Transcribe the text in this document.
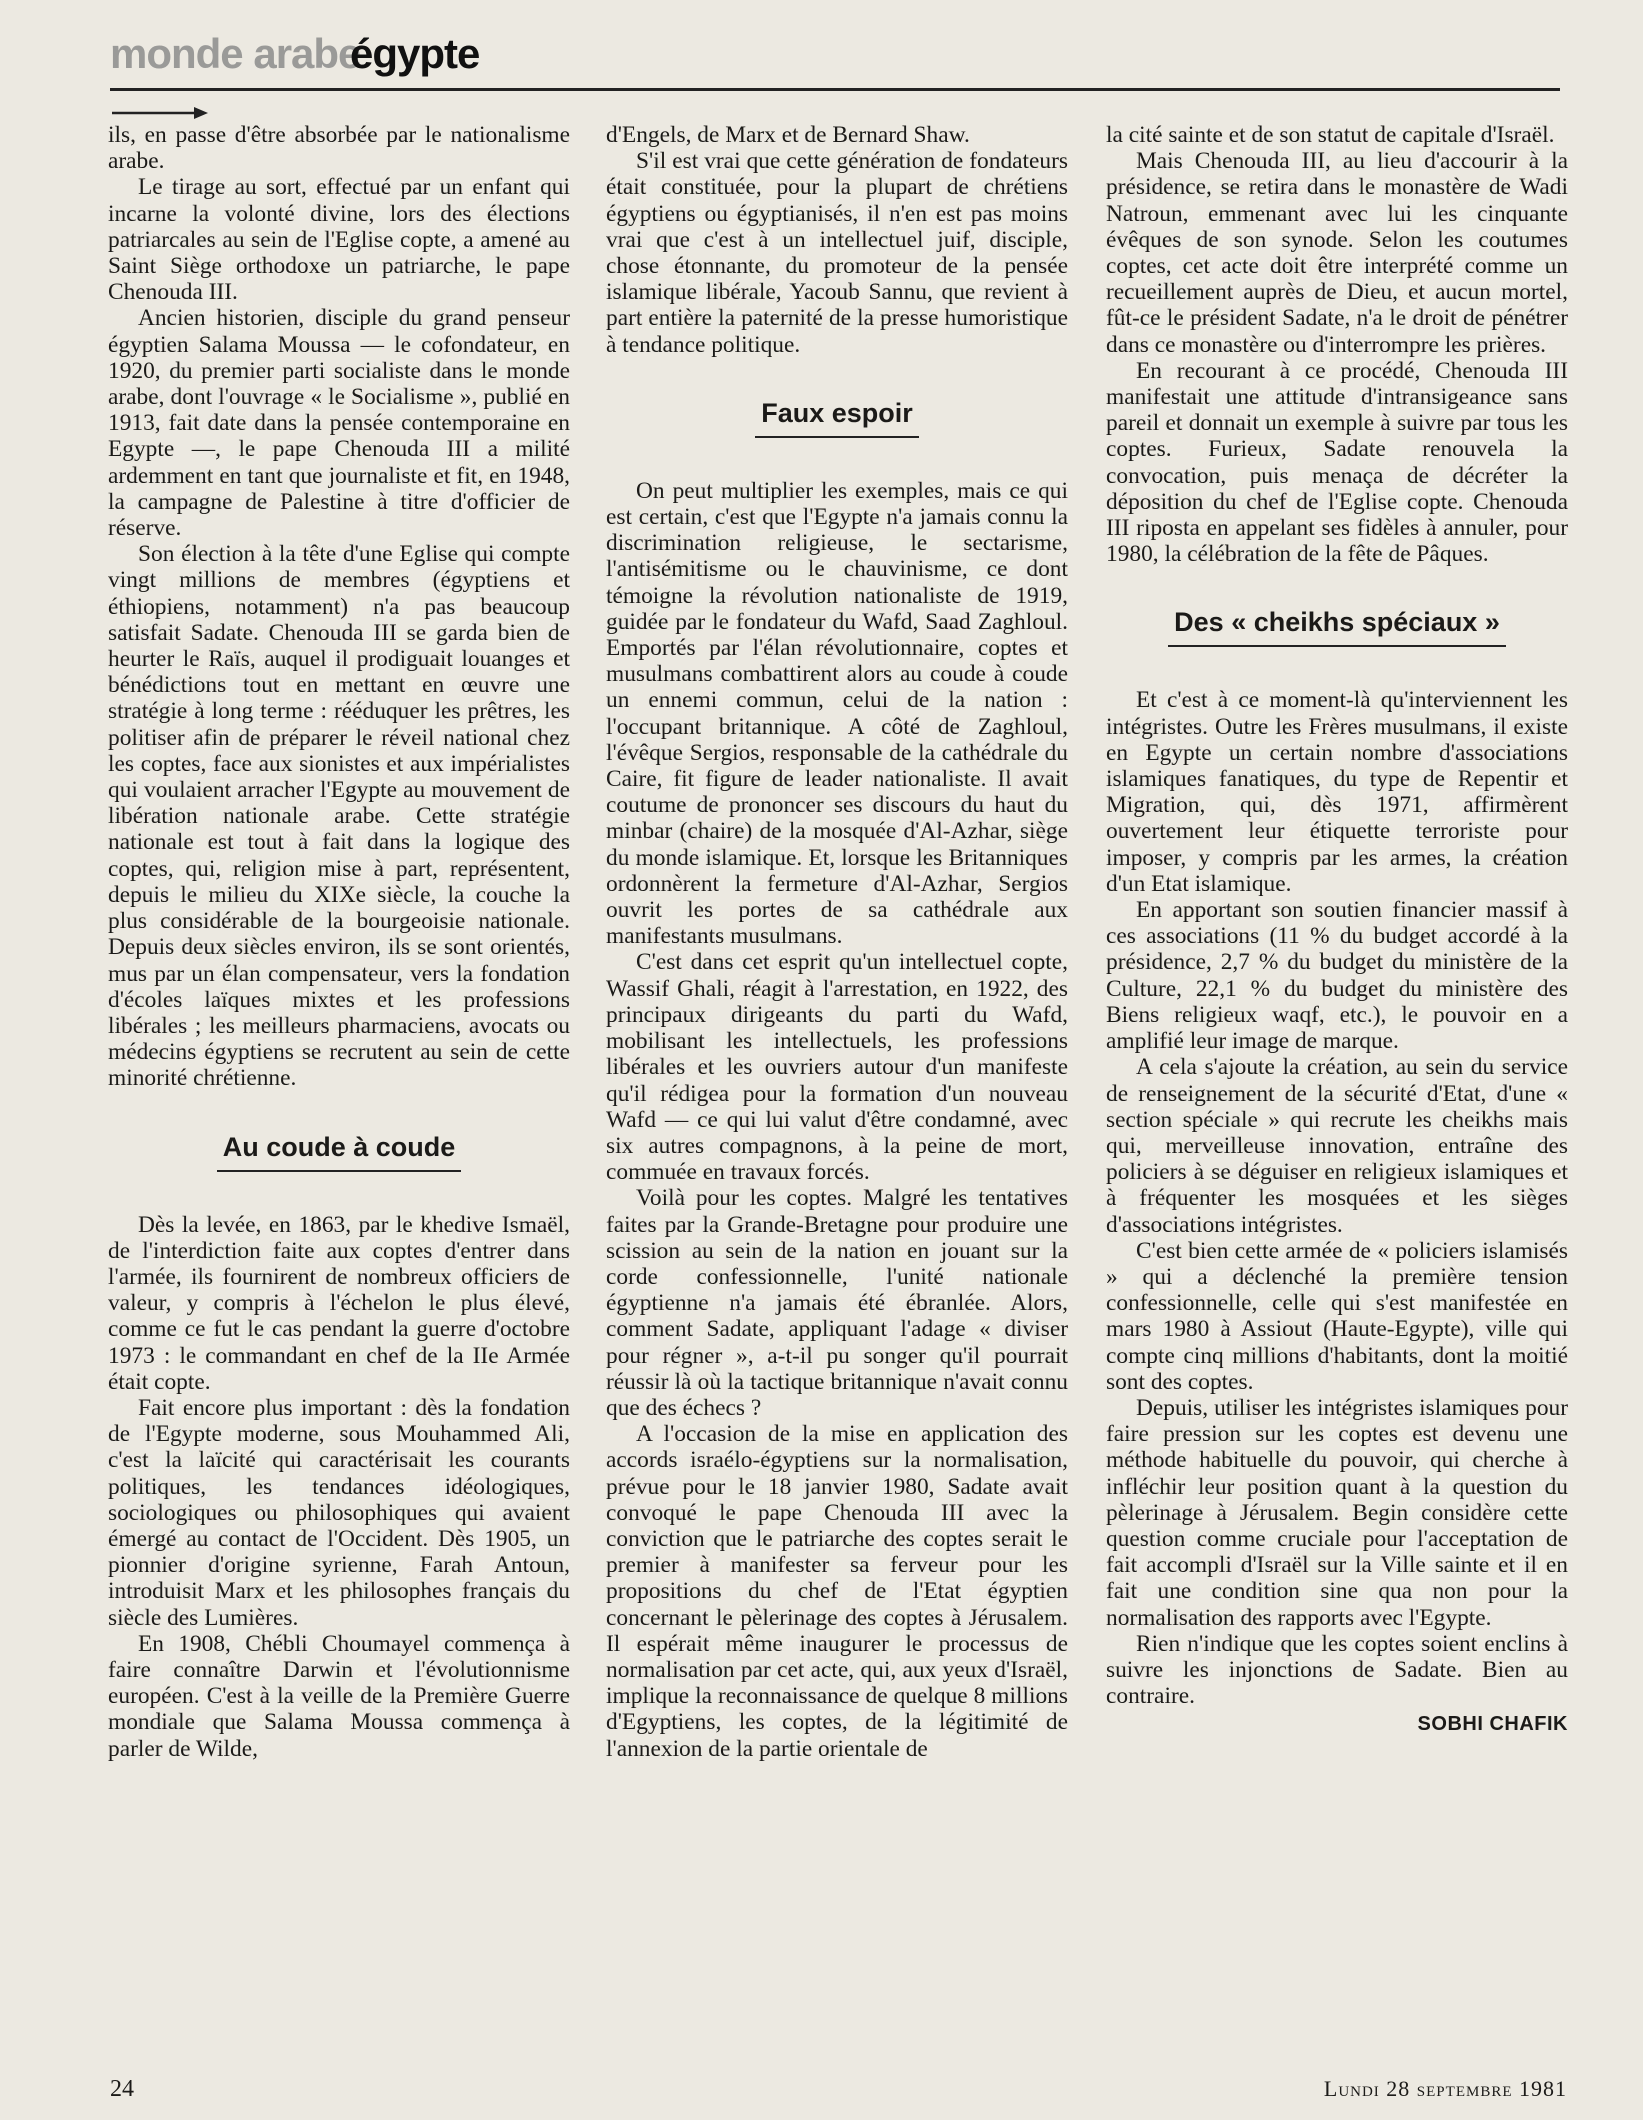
monde arabe
égypte

ils, en passe d'être absorbée par le nationalisme arabe.

Le tirage au sort, effectué par un enfant qui incarne la volonté divine, lors des élections patriarcales au sein de l'Eglise copte, a amené au Saint Siège orthodoxe un patriarche, le pape Chenouda III.

Ancien historien, disciple du grand penseur égyptien Salama Moussa — le cofondateur, en 1920, du premier parti socialiste dans le monde arabe, dont l'ouvrage « le Socialisme », publié en 1913, fait date dans la pensée contemporaine en Egypte —, le pape Chenouda III a milité ardemment en tant que journaliste et fit, en 1948, la campagne de Palestine à titre d'officier de réserve.

Son élection à la tête d'une Eglise qui compte vingt millions de membres (égyptiens et éthiopiens, notamment) n'a pas beaucoup satisfait Sadate. Chenouda III se garda bien de heurter le Raïs, auquel il prodiguait louanges et bénédictions tout en mettant en œuvre une stratégie à long terme : rééduquer les prêtres, les politiser afin de préparer le réveil national chez les coptes, face aux sionistes et aux impérialistes qui voulaient arracher l'Egypte au mouvement de libération nationale arabe. Cette stratégie nationale est tout à fait dans la logique des coptes, qui, religion mise à part, représentent, depuis le milieu du XIXe siècle, la couche la plus considérable de la bourgeoisie nationale. Depuis deux siècles environ, ils se sont orientés, mus par un élan compensateur, vers la fondation d'écoles laïques mixtes et les professions libérales ; les meilleurs pharmaciens, avocats ou médecins égyptiens se recrutent au sein de cette minorité chrétienne.

Au coude à coude

Dès la levée, en 1863, par le khedive Ismaël, de l'interdiction faite aux coptes d'entrer dans l'armée, ils fournirent de nombreux officiers de valeur, y compris à l'échelon le plus élevé, comme ce fut le cas pendant la guerre d'octobre 1973 : le commandant en chef de la IIe Armée était copte.

Fait encore plus important : dès la fondation de l'Egypte moderne, sous Mouhammed Ali, c'est la laïcité qui caractérisait les courants politiques, les tendances idéologiques, sociologiques ou philosophiques qui avaient émergé au contact de l'Occident. Dès 1905, un pionnier d'origine syrienne, Farah Antoun, introduisit Marx et les philosophes français du siècle des Lumières.

En 1908, Chébli Choumayel commença à faire connaître Darwin et l'évolutionnisme européen. C'est à la veille de la Première Guerre mondiale que Salama Moussa commença à parler de Wilde,

d'Engels, de Marx et de Bernard Shaw.

S'il est vrai que cette génération de fondateurs était constituée, pour la plupart de chrétiens égyptiens ou égyptianisés, il n'en est pas moins vrai que c'est à un intellectuel juif, disciple, chose étonnante, du promoteur de la pensée islamique libérale, Yacoub Sannu, que revient à part entière la paternité de la presse humoristique à tendance politique.

Faux espoir

On peut multiplier les exemples, mais ce qui est certain, c'est que l'Egypte n'a jamais connu la discrimination religieuse, le sectarisme, l'antisémitisme ou le chauvinisme, ce dont témoigne la révolution nationaliste de 1919, guidée par le fondateur du Wafd, Saad Zaghloul. Emportés par l'élan révolutionnaire, coptes et musulmans combattirent alors au coude à coude un ennemi commun, celui de la nation : l'occupant britannique. A côté de Zaghloul, l'évêque Sergios, responsable de la cathédrale du Caire, fit figure de leader nationaliste. Il avait coutume de prononcer ses discours du haut du minbar (chaire) de la mosquée d'Al-Azhar, siège du monde islamique. Et, lorsque les Britanniques ordonnèrent la fermeture d'Al-Azhar, Sergios ouvrit les portes de sa cathédrale aux manifestants musulmans.

C'est dans cet esprit qu'un intellectuel copte, Wassif Ghali, réagit à l'arrestation, en 1922, des principaux dirigeants du parti du Wafd, mobilisant les intellectuels, les professions libérales et les ouvriers autour d'un manifeste qu'il rédigea pour la formation d'un nouveau Wafd — ce qui lui valut d'être condamné, avec six autres compagnons, à la peine de mort, commuée en travaux forcés.

Voilà pour les coptes. Malgré les tentatives faites par la Grande-Bretagne pour produire une scission au sein de la nation en jouant sur la corde confessionnelle, l'unité nationale égyptienne n'a jamais été ébranlée. Alors, comment Sadate, appliquant l'adage « diviser pour régner », a-t-il pu songer qu'il pourrait réussir là où la tactique britannique n'avait connu que des échecs ?

A l'occasion de la mise en application des accords israélo-égyptiens sur la normalisation, prévue pour le 18 janvier 1980, Sadate avait convoqué le pape Chenouda III avec la conviction que le patriarche des coptes serait le premier à manifester sa ferveur pour les propositions du chef de l'Etat égyptien concernant le pèlerinage des coptes à Jérusalem. Il espérait même inaugurer le processus de normalisation par cet acte, qui, aux yeux d'Israël, implique la reconnaissance de quelque 8 millions d'Egyptiens, les coptes, de la légitimité de l'annexion de la partie orientale de

la cité sainte et de son statut de capitale d'Israël.

Mais Chenouda III, au lieu d'accourir à la présidence, se retira dans le monastère de Wadi Natroun, emmenant avec lui les cinquante évêques de son synode. Selon les coutumes coptes, cet acte doit être interprété comme un recueillement auprès de Dieu, et aucun mortel, fût-ce le président Sadate, n'a le droit de pénétrer dans ce monastère ou d'interrompre les prières.

En recourant à ce procédé, Chenouda III manifestait une attitude d'intransigeance sans pareil et donnait un exemple à suivre par tous les coptes. Furieux, Sadate renouvela la convocation, puis menaça de décréter la déposition du chef de l'Eglise copte. Chenouda III riposta en appelant ses fidèles à annuler, pour 1980, la célébration de la fête de Pâques.

Des « cheikhs spéciaux »

Et c'est à ce moment-là qu'interviennent les intégristes. Outre les Frères musulmans, il existe en Egypte un certain nombre d'associations islamiques fanatiques, du type de Repentir et Migration, qui, dès 1971, affirmèrent ouvertement leur étiquette terroriste pour imposer, y compris par les armes, la création d'un Etat islamique.

En apportant son soutien financier massif à ces associations (11 % du budget accordé à la présidence, 2,7 % du budget du ministère de la Culture, 22,1 % du budget du ministère des Biens religieux waqf, etc.), le pouvoir en a amplifié leur image de marque.

A cela s'ajoute la création, au sein du service de renseignement de la sécurité d'Etat, d'une « section spéciale » qui recrute les cheikhs mais qui, merveilleuse innovation, entraîne des policiers à se déguiser en religieux islamiques et à fréquenter les mosquées et les sièges d'associations intégristes.

C'est bien cette armée de « policiers islamisés » qui a déclenché la première tension confessionnelle, celle qui s'est manifestée en mars 1980 à Assiout (Haute-Egypte), ville qui compte cinq millions d'habitants, dont la moitié sont des coptes.

Depuis, utiliser les intégristes islamiques pour faire pression sur les coptes est devenu une méthode habituelle du pouvoir, qui cherche à infléchir leur position quant à la question du pèlerinage à Jérusalem. Begin considère cette question comme cruciale pour l'acceptation de fait accompli d'Israël sur la Ville sainte et il en fait une condition sine qua non pour la normalisation des rapports avec l'Egypte.

Rien n'indique que les coptes soient enclins à suivre les injonctions de Sadate. Bien au contraire.

SOBHI CHAFIK
24	Lundi 28 septembre 1981
